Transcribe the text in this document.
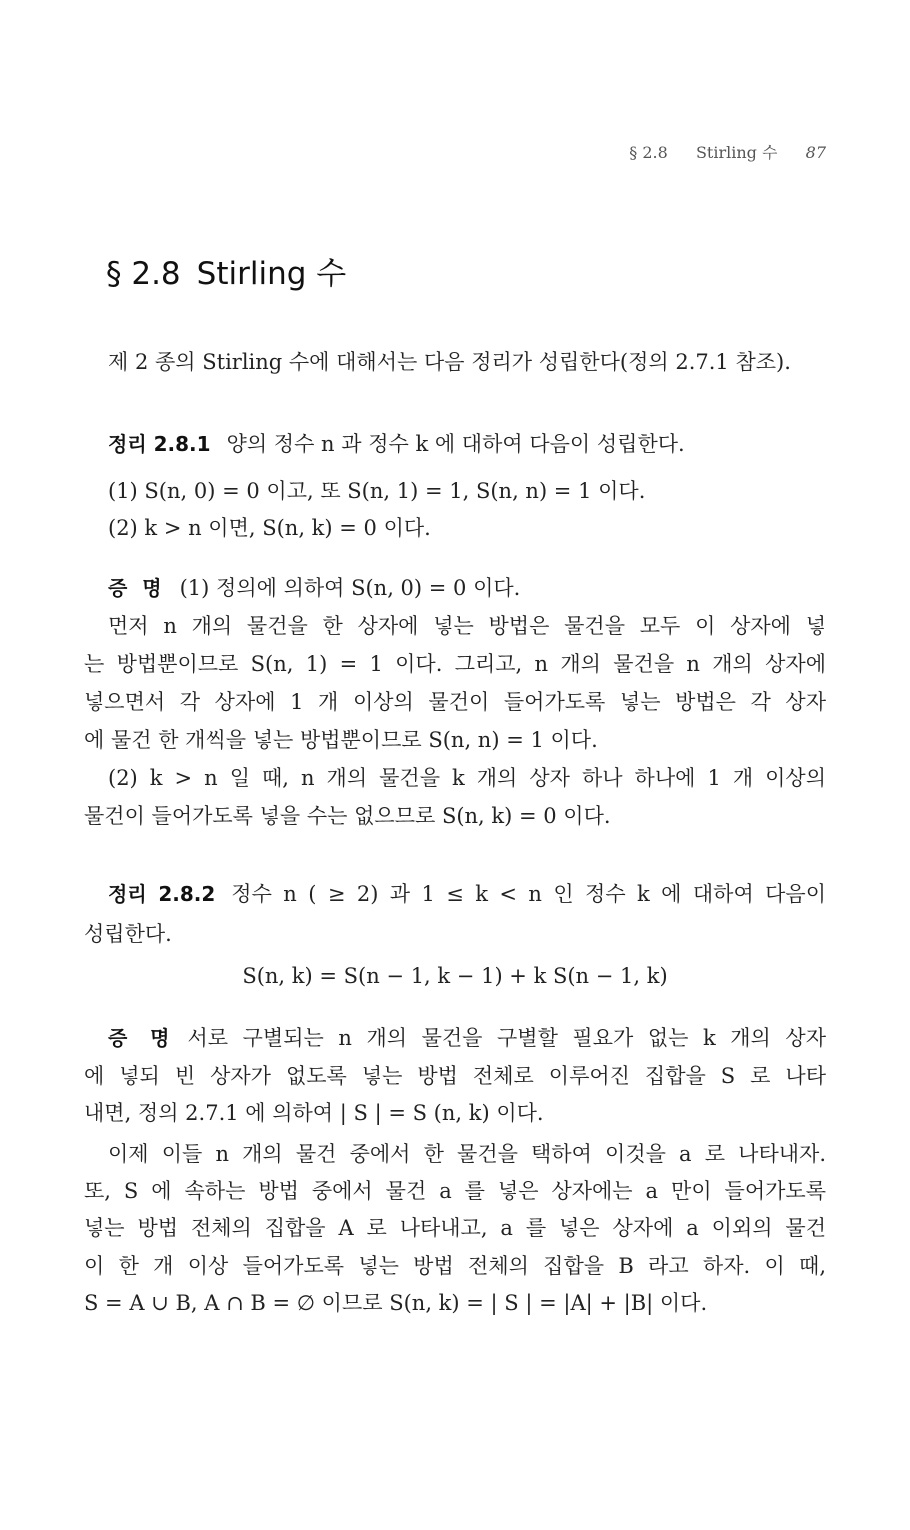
§ 2.8 Stirling 수 87
§ 2.8 Stirling 수
제 2 종의 Stirling 수에 대해서는 다음 정리가 성립한다(정의 2.7.1 참조).
정리 2.8.1 양의 정수 n 과 정수 k 에 대하여 다음이 성립한다.
(1) S(n, 0) = 0 이고, 또 S(n, 1) = 1, S(n, n) = 1 이다.
(2) k > n 이면, S(n, k) = 0 이다.
증 명 (1) 정의에 의하여 S(n, 0) = 0 이다.
먼저 n 개의 물건을 한 상자에 넣는 방법은 물건을 모두 이 상자에 넣
는 방법뿐이므로 S(n, 1) = 1 이다. 그리고, n 개의 물건을 n 개의 상자에
넣으면서 각 상자에 1 개 이상의 물건이 들어가도록 넣는 방법은 각 상자
에 물건 한 개씩을 넣는 방법뿐이므로 S(n, n) = 1 이다.
(2) k > n 일 때, n 개의 물건을 k 개의 상자 하나 하나에 1 개 이상의
물건이 들어가도록 넣을 수는 없으므로 S(n, k) = 0 이다.
정리 2.8.2 정수 n ( ≥ 2) 과 1 ≤ k < n 인 정수 k 에 대하여 다음이
성립한다.
S(n, k) = S(n − 1, k − 1) + k S(n − 1, k)
증 명 서로 구별되는 n 개의 물건을 구별할 필요가 없는 k 개의 상자
에 넣되 빈 상자가 없도록 넣는 방법 전체로 이루어진 집합을 S 로 나타
내면, 정의 2.7.1 에 의하여 | S | = S (n, k) 이다.
이제 이들 n 개의 물건 중에서 한 물건을 택하여 이것을 a 로 나타내자.
또, S 에 속하는 방법 중에서 물건 a 를 넣은 상자에는 a 만이 들어가도록
넣는 방법 전체의 집합을 A 로 나타내고, a 를 넣은 상자에 a 이외의 물건
이 한 개 이상 들어가도록 넣는 방법 전체의 집합을 B 라고 하자. 이 때,
S = A ∪ B, A ∩ B = ∅ 이므로 S(n, k) = | S | = |A| + |B| 이다.
